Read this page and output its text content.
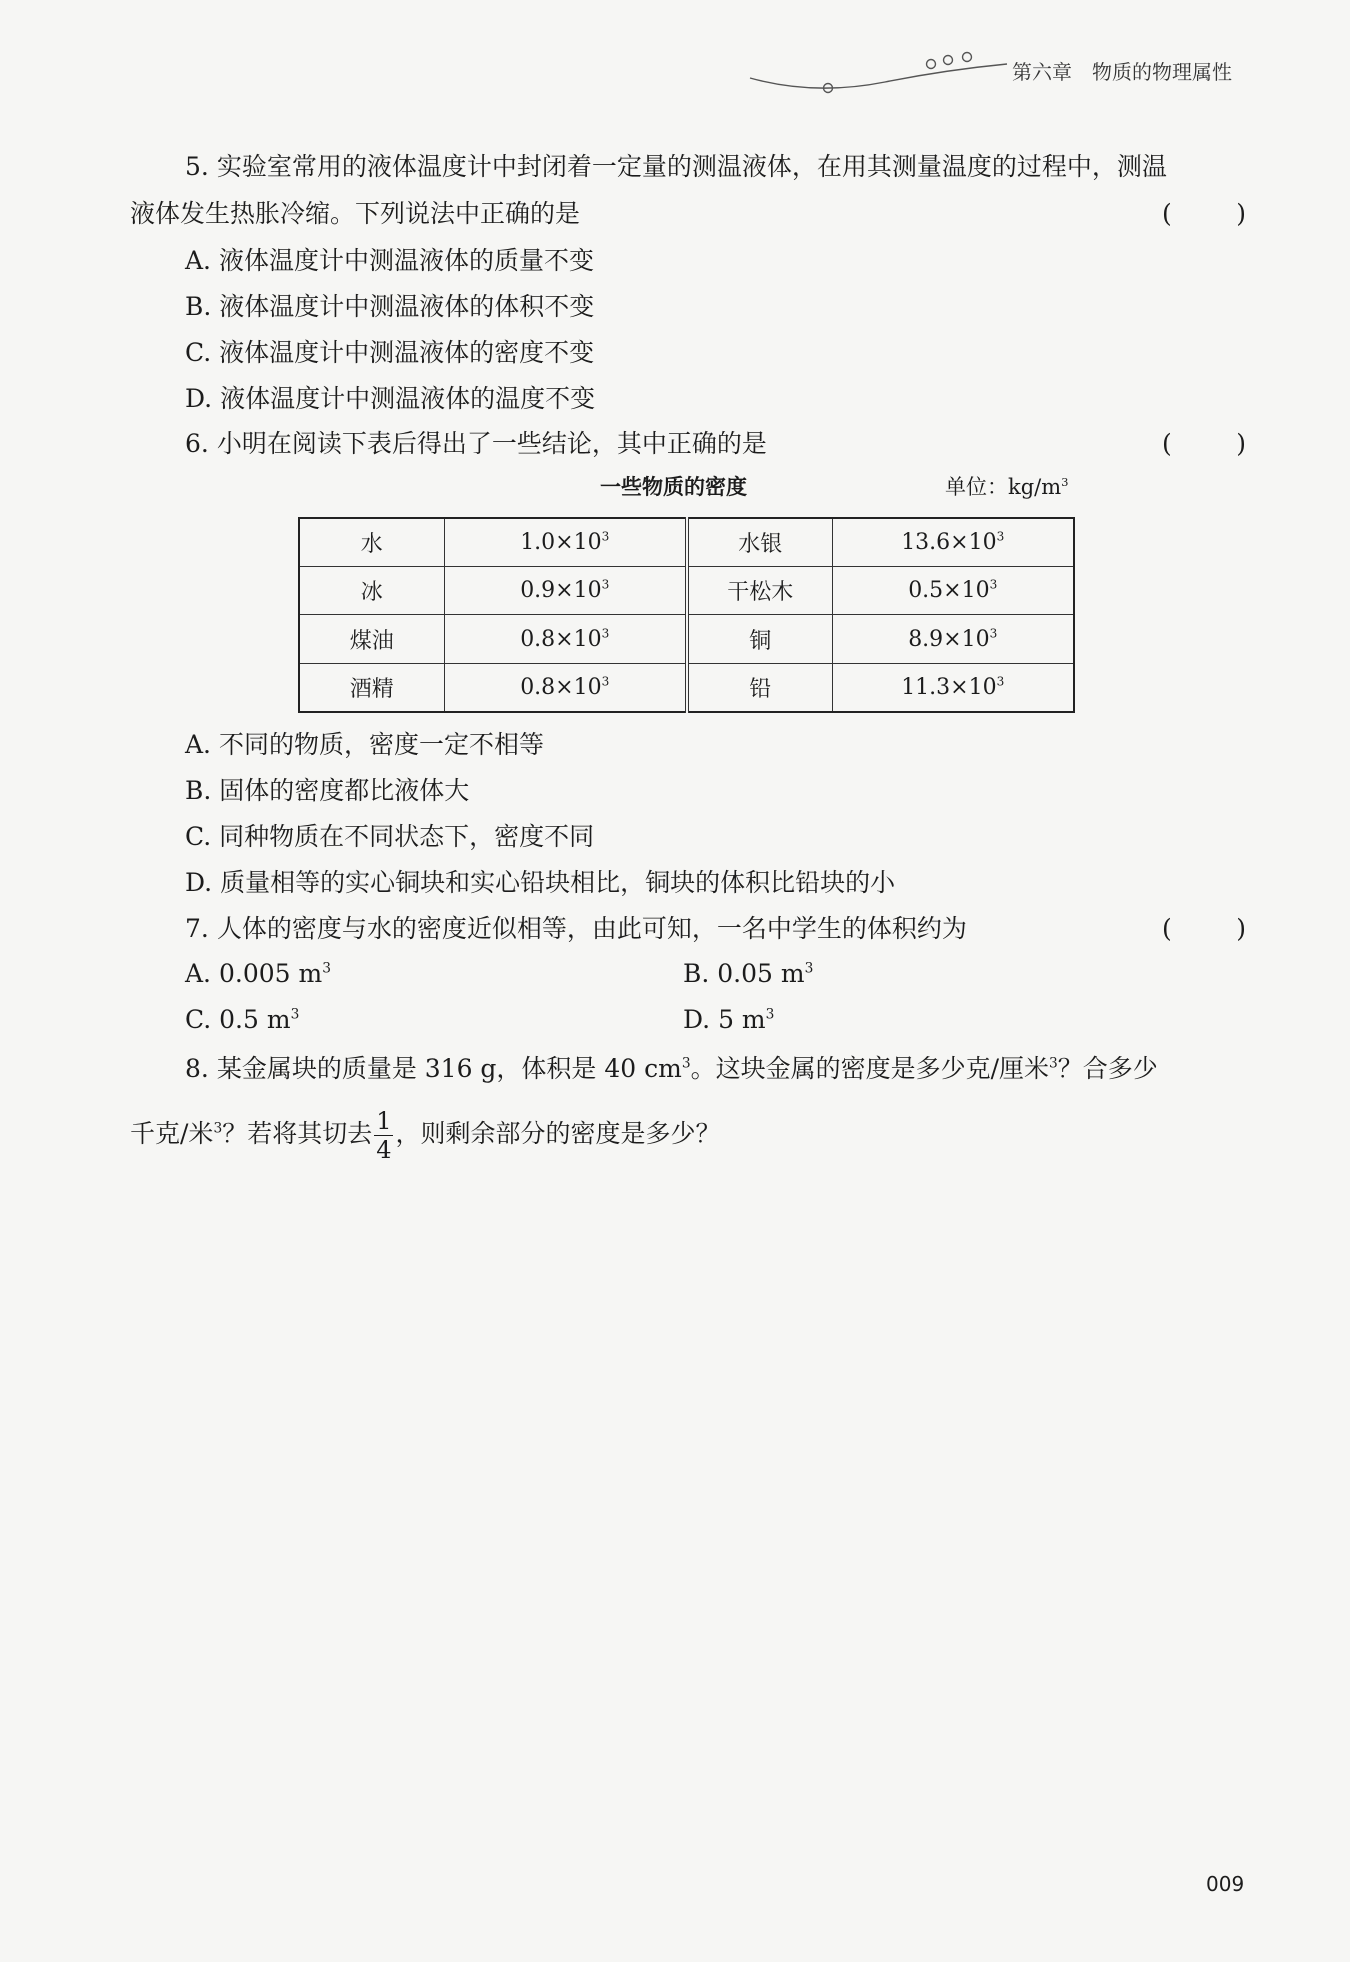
第六章　物质的物理属性
5. 实验室常用的液体温度计中封闭着一定量的测温液体，在用其测量温度的过程中，测温
液体发生热胀冷缩。下列说法中正确的是	(	)
A. 液体温度计中测温液体的质量不变
B. 液体温度计中测温液体的体积不变
C. 液体温度计中测温液体的密度不变
D. 液体温度计中测温液体的温度不变
6. 小明在阅读下表后得出了一些结论，其中正确的是	(	)
一些物质的密度	单位：$kg/m^3$
水	$1.0\times 10^3$	水银	$13.6\times 10^3$
冰	$0.9\times 10^3$	干松木	$0.5\times 10^3$
煤油	$0.8\times 10^3$	铜	$8.9\times 10^3$
酒精	$0.8\times 10^3$	铅	$11.3\times 10^3$
A. 不同的物质，密度一定不相等
B. 固体的密度都比液体大
C. 同种物质在不同状态下，密度不同
D. 质量相等的实心铜块和实心铅块相比，铜块的体积比铅块的小
7. 人体的密度与水的密度近似相等，由此可知，一名中学生的体积约为	(	)
A. 0.005 $m^3$	B. 0.05 $m^3$
C. 0.5 $m^3$	D. 5 $m^3$
8. 某金属块的质量是 316 g，体积是 40 $cm^3$。这块金属的密度是多少克/厘米$^3$？合多少
千克/米$^3$？若将其切去 $\frac{1}{4}$ ，则剩余部分的密度是多少？
009
